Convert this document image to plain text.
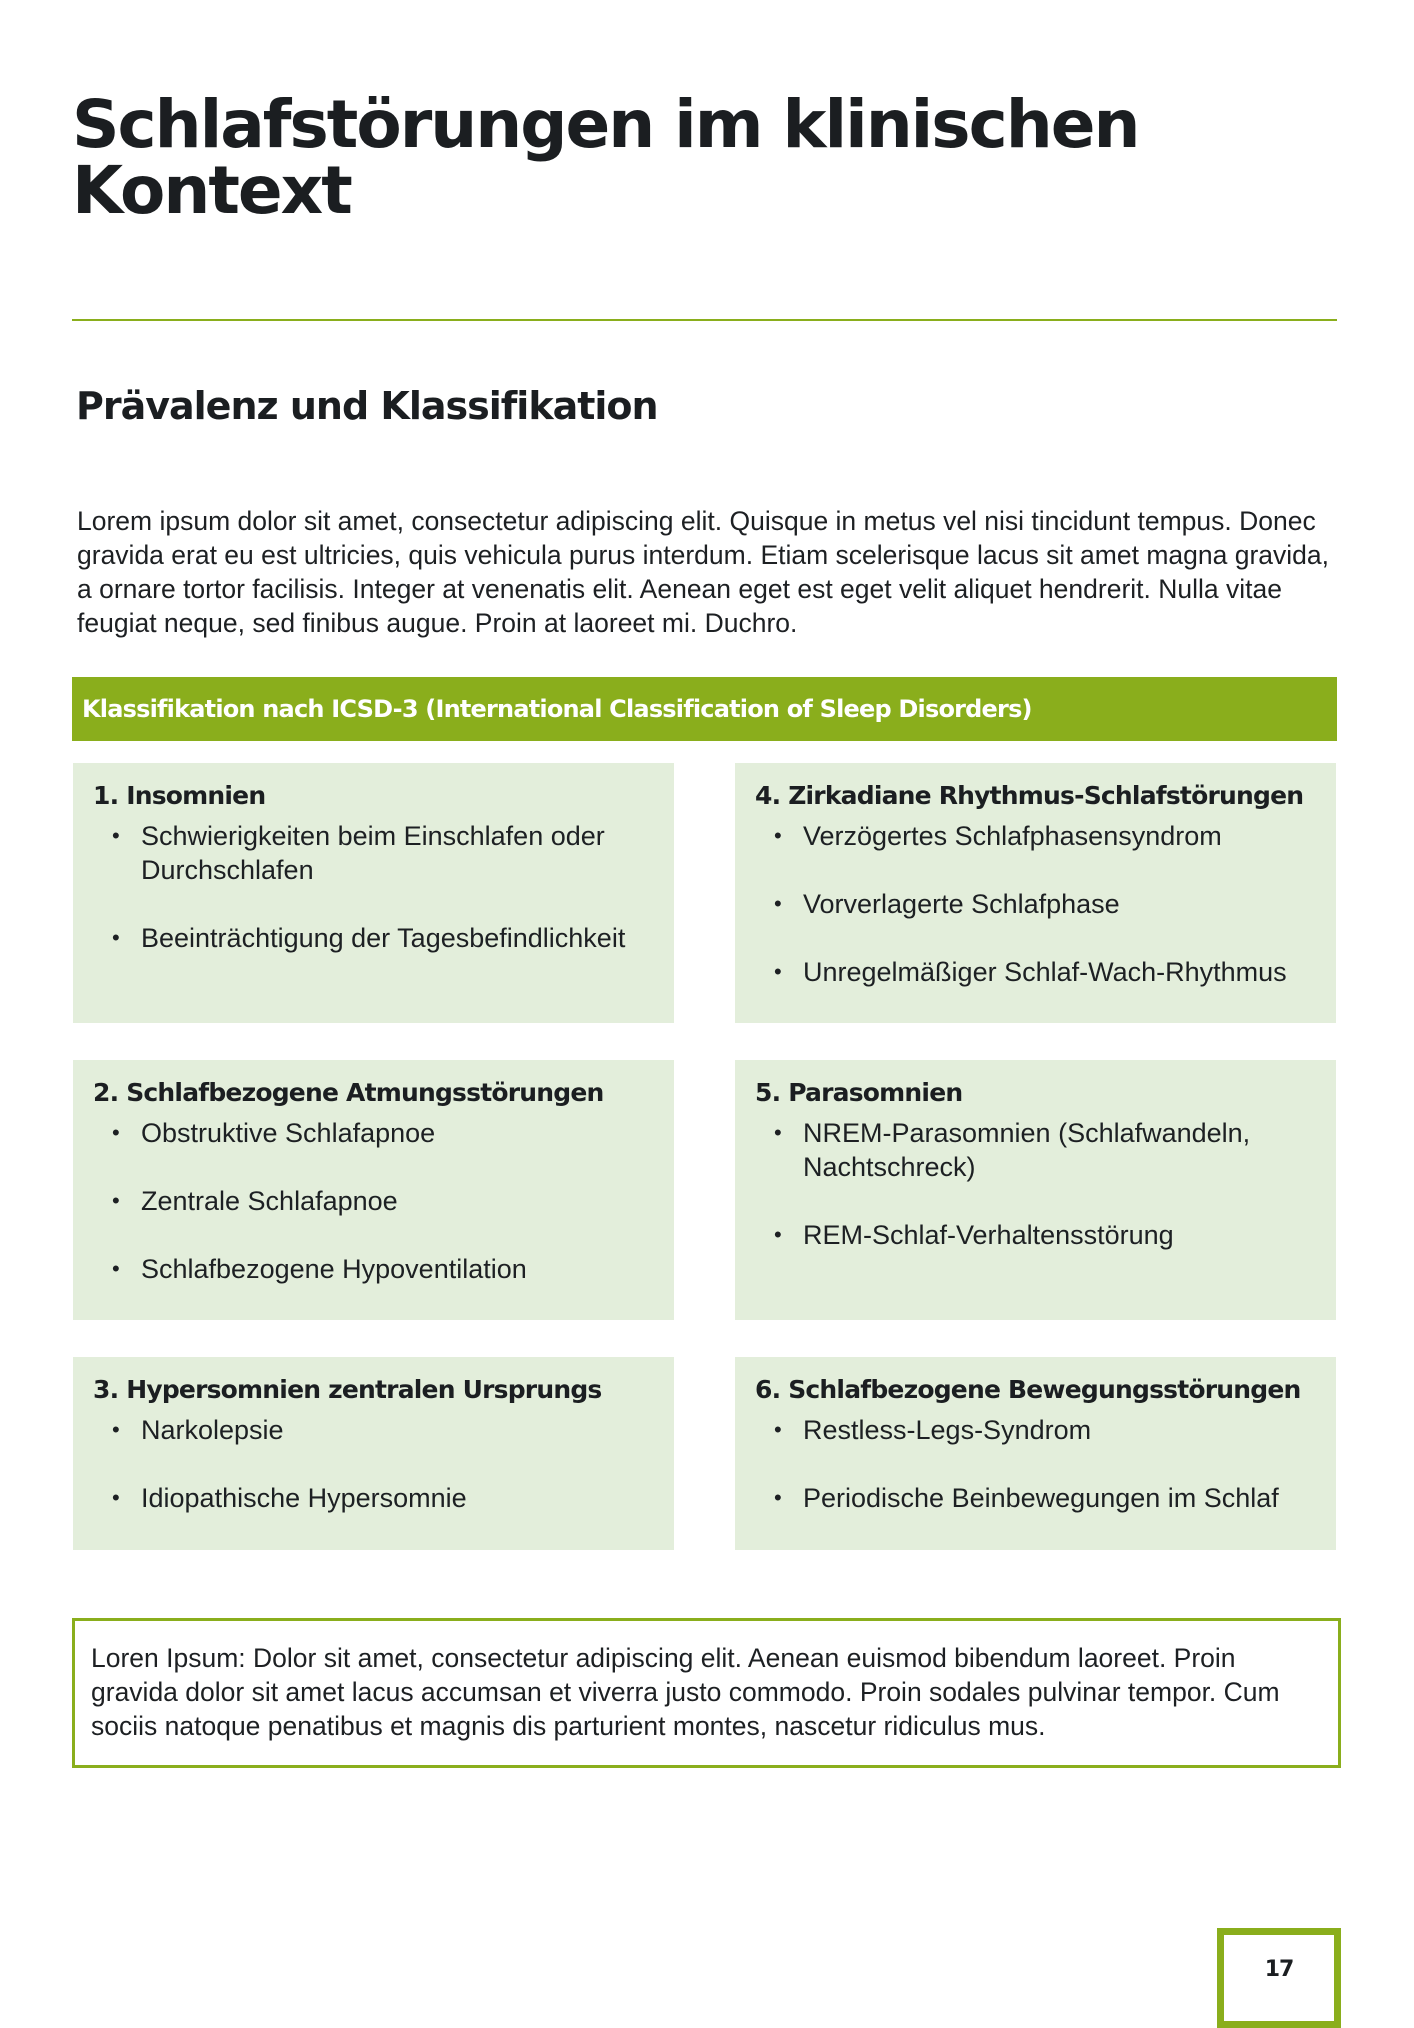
Schlafstörungen im klinischen Kontext
Prävalenz und Klassifikation

Lorem ipsum dolor sit amet, consectetur adipiscing elit. Quisque in metus vel nisi tincidunt tempus. Donec gravida erat eu est ultricies, quis vehicula purus interdum. Etiam scelerisque lacus sit amet magna gravida, a ornare tortor facilisis. Integer at venenatis elit. Aenean eget est eget velit aliquet hendrerit. Nulla vitae feugiat neque, sed finibus augue. Proin at laoreet mi. Duchro.

Klassifikation nach ICSD-3 (International Classification of Sleep Disorders)
1. Insomnien
• Schwierigkeiten beim Einschlafen oder Durchschlafen
• Beeinträchtigung der Tagesbefindlichkeit
4. Zirkadiane Rhythmus-Schlafstörungen
• Verzögertes Schlafphasensyndrom
• Vorverlagerte Schlafphase
• Unregelmäßiger Schlaf-Wach-Rhythmus
2. Schlafbezogene Atmungsstörungen
• Obstruktive Schlafapnoe
• Zentrale Schlafapnoe
• Schlafbezogene Hypoventilation
5. Parasomnien
• NREM-Parasomnien (Schlafwandeln, Nachtschreck)
• REM-Schlaf-Verhaltensstörung
3. Hypersomnien zentralen Ursprungs
• Narkolepsie
• Idiopathische Hypersomnie
6. Schlafbezogene Bewegungsstörungen
• Restless-Legs-Syndrom
• Periodische Beinbewegungen im Schlaf

Loren Ipsum: Dolor sit amet, consectetur adipiscing elit. Aenean euismod bibendum laoreet. Proin gravida dolor sit amet lacus accumsan et viverra justo commodo. Proin sodales pulvinar tempor. Cum sociis natoque penatibus et magnis dis parturient montes, nascetur ridiculus mus.

17
